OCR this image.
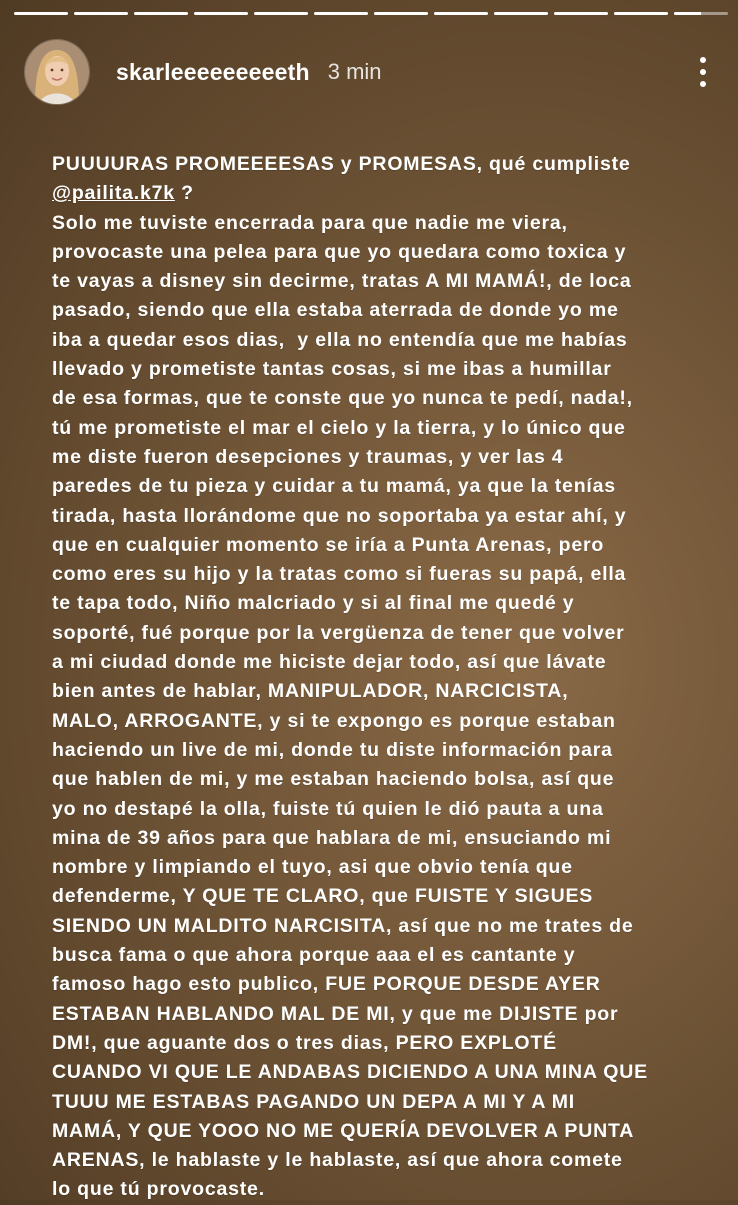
skarleeeeeeeeeth 3 min
PUUUURAS PROMEEEESAS y PROMESAS, qué cumpliste
@pailita.k7k ?
Solo me tuviste encerrada para que nadie me viera,
provocaste una pelea para que yo quedara como toxica y
te vayas a disney sin decirme, tratas A MI MAMÁ!, de loca
pasado, siendo que ella estaba aterrada de donde yo me
iba a quedar esos dias,  y ella no entendía que me habías
llevado y prometiste tantas cosas, si me ibas a humillar
de esa formas, que te conste que yo nunca te pedí, nada!,
tú me prometiste el mar el cielo y la tierra, y lo único que
me diste fueron desepciones y traumas, y ver las 4
paredes de tu pieza y cuidar a tu mamá, ya que la tenías
tirada, hasta llorándome que no soportaba ya estar ahí, y
que en cualquier momento se iría a Punta Arenas, pero
como eres su hijo y la tratas como si fueras su papá, ella
te tapa todo, Niño malcriado y si al final me quedé y
soporté, fué porque por la vergüenza de tener que volver
a mi ciudad donde me hiciste dejar todo, así que lávate
bien antes de hablar, MANIPULADOR, NARCICISTA,
MALO, ARROGANTE, y si te expongo es porque estaban
haciendo un live de mi, donde tu diste información para
que hablen de mi, y me estaban haciendo bolsa, así que
yo no destapé la olla, fuiste tú quien le dió pauta a una
mina de 39 años para que hablara de mi, ensuciando mi
nombre y limpiando el tuyo, asi que obvio tenía que
defenderme, Y QUE TE CLARO, que FUISTE Y SIGUES
SIENDO UN MALDITO NARCISITA, así que no me trates de
busca fama o que ahora porque aaa el es cantante y
famoso hago esto publico, FUE PORQUE DESDE AYER
ESTABAN HABLANDO MAL DE MI, y que me DIJISTE por
DM!, que aguante dos o tres dias, PERO EXPLOTÉ
CUANDO VI QUE LE ANDABAS DICIENDO A UNA MINA QUE
TUUU ME ESTABAS PAGANDO UN DEPA A MI Y A MI
MAMÁ, Y QUE YOOO NO ME QUERÍA DEVOLVER A PUNTA
ARENAS, le hablaste y le hablaste, así que ahora comete
lo que tú provocaste.
